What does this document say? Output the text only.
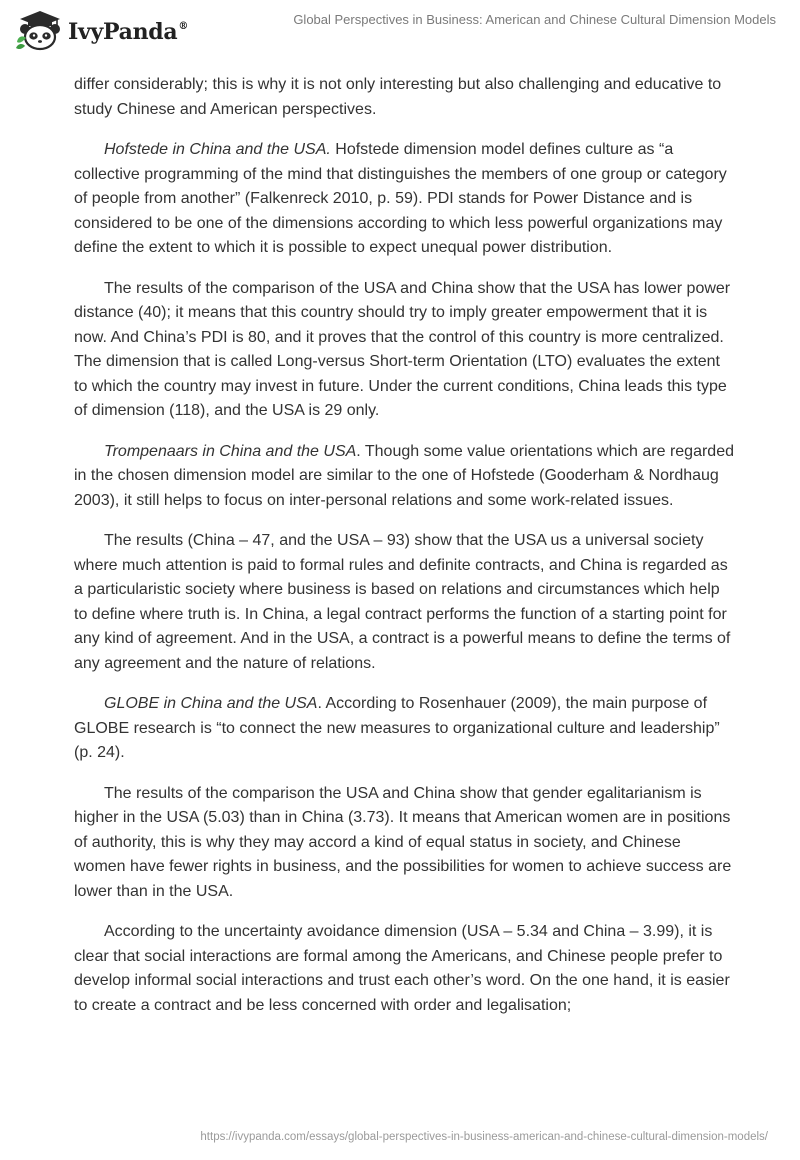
IvyPanda®	Global Perspectives in Business: American and Chinese Cultural Dimension Models

differ considerably; this is why it is not only interesting but also challenging and educative to study Chinese and American perspectives.

Hofstede in China and the USA. Hofstede dimension model defines culture as “a collective programming of the mind that distinguishes the members of one group or category of people from another” (Falkenreck 2010, p. 59). PDI stands for Power Distance and is considered to be one of the dimensions according to which less powerful organizations may define the extent to which it is possible to expect unequal power distribution.

The results of the comparison of the USA and China show that the USA has lower power distance (40); it means that this country should try to imply greater empowerment that it is now. And China’s PDI is 80, and it proves that the control of this country is more centralized. The dimension that is called Long-versus Short-term Orientation (LTO) evaluates the extent to which the country may invest in future. Under the current conditions, China leads this type of dimension (118), and the USA is 29 only.

Trompenaars in China and the USA. Though some value orientations which are regarded in the chosen dimension model are similar to the one of Hofstede (Gooderham & Nordhaug 2003), it still helps to focus on inter-personal relations and some work-related issues.

The results (China – 47, and the USA – 93) show that the USA us a universal society where much attention is paid to formal rules and definite contracts, and China is regarded as a particularistic society where business is based on relations and circumstances which help to define where truth is. In China, a legal contract performs the function of a starting point for any kind of agreement. And in the USA, a contract is a powerful means to define the terms of any agreement and the nature of relations.

GLOBE in China and the USA. According to Rosenhauer (2009), the main purpose of GLOBE research is “to connect the new measures to organizational culture and leadership” (p. 24).

The results of the comparison the USA and China show that gender egalitarianism is higher in the USA (5.03) than in China (3.73). It means that American women are in positions of authority, this is why they may accord a kind of equal status in society, and Chinese women have fewer rights in business, and the possibilities for women to achieve success are lower than in the USA.

According to the uncertainty avoidance dimension (USA – 5.34 and China – 3.99), it is clear that social interactions are formal among the Americans, and Chinese people prefer to develop informal social interactions and trust each other’s word. On the one hand, it is easier to create a contract and be less concerned with order and legalisation;

https://ivypanda.com/essays/global-perspectives-in-business-american-and-chinese-cultural-dimension-models/
